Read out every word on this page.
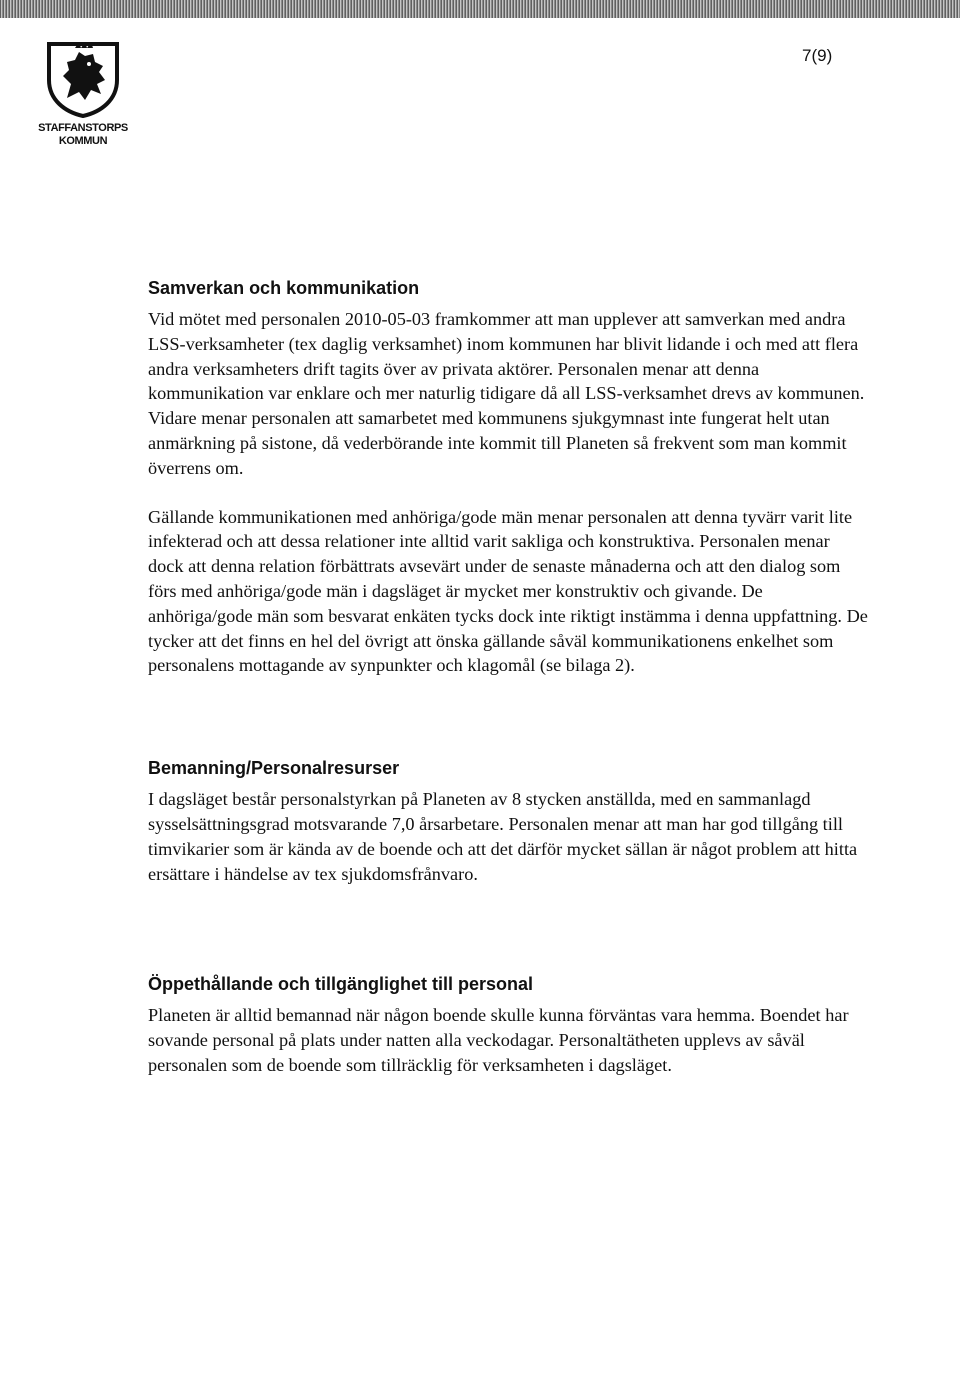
STAFFANSTORPS
KOMMUN
7(9)
Samverkan och kommunikation

Vid mötet med personalen 2010-05-03 framkommer att man upplever att samverkan med andra LSS-verksamheter (tex daglig verksamhet) inom kommunen har blivit lidande i och med att flera andra verksamheters drift tagits över av privata aktörer. Personalen menar att denna kommunikation var enklare och mer naturlig tidigare då all LSS-verksamhet drevs av kommunen. Vidare menar personalen att samarbetet med kommunens sjukgymnast inte fungerat helt utan anmärkning på sistone, då vederbörande inte kommit till Planeten så frekvent som man kommit överrens om.

Gällande kommunikationen med anhöriga/gode män menar personalen att denna tyvärr varit lite infekterad och att dessa relationer inte alltid varit sakliga och konstruktiva. Personalen menar dock att denna relation förbättrats avsevärt under de senaste månaderna och att den dialog som förs med anhöriga/gode män i dagsläget är mycket mer konstruktiv och givande. De anhöriga/gode män som besvarat enkäten tycks dock inte riktigt instämma i denna uppfattning. De tycker att det finns en hel del övrigt att önska gällande såväl kommunikationens enkelhet som personalens mottagande av synpunkter och klagomål (se bilaga 2).

Bemanning/Personalresurser

I dagsläget består personalstyrkan på Planeten av 8 stycken anställda, med en sammanlagd sysselsättningsgrad motsvarande 7,0 årsarbetare. Personalen menar att man har god tillgång till timvikarier som är kända av de boende och att det därför mycket sällan är något problem att hitta ersättare i händelse av tex sjukdomsfrånvaro.

Öppethållande och tillgänglighet till personal

Planeten är alltid bemannad när någon boende skulle kunna förväntas vara hemma. Boendet har sovande personal på plats under natten alla veckodagar. Personaltätheten upplevs av såväl personalen som de boende som tillräcklig för verksamheten i dagsläget.
